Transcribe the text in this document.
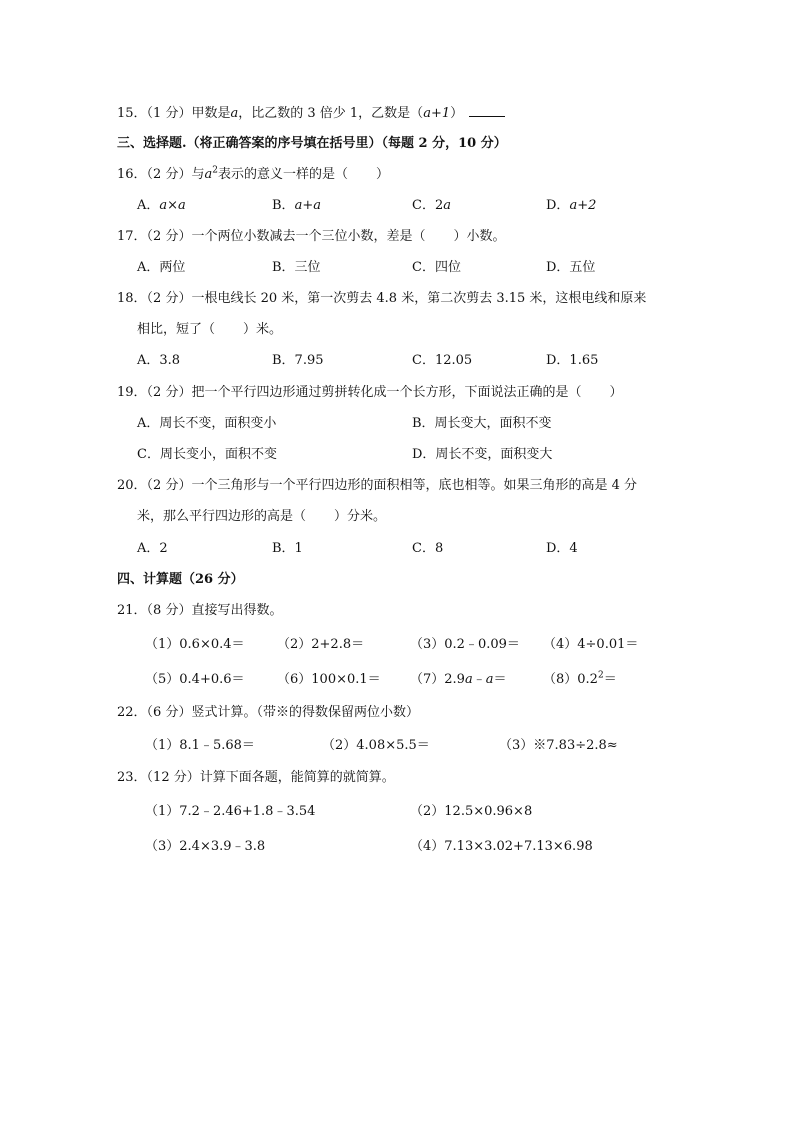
15．（1 分）甲数是a，比乙数的 3 倍少 1，乙数是（a+1）
三、选择题.（将正确答案的序号填在括号里）（每题 2 分，10 分）
16．（2 分）与$a^2$表示的意义一样的是（ ）
A．a×a	B．a+a	C．2a	D．a+2
17．（2 分）一个两位小数减去一个三位小数，差是（ ）小数。
A．两位	B．三位	C．四位	D．五位
18．（2 分）一根电线长 20 米，第一次剪去 4.8 米，第二次剪去 3.15 米，这根电线和原来
相比，短了（ ）米。
A．3.8	B．7.95	C．12.05	D．1.65
19．（2 分）把一个平行四边形通过剪拼转化成一个长方形，下面说法正确的是（ ）
A．周长不变，面积变小	B．周长变大，面积不变
C．周长变小，面积不变	D．周长不变，面积变大
20．（2 分）一个三角形与一个平行四边形的面积相等，底也相等。如果三角形的高是 4 分
米，那么平行四边形的高是（ ）分米。
A．2	B．1	C．8	D．4
四、计算题（26 分）
21．（8 分）直接写出得数。
（1）0.6×0.4＝ （2）2+2.8＝	（3）0.2﹣0.09＝ （4）4÷0.01＝
（5）0.4+0.6＝ （6）100×0.1＝ （7）2.9a﹣a＝	$(8)0.2^2=$
22．（6 分）竖式计算。（带※的得数保留两位小数）
（1）8.1﹣5.68＝	（2）4.08×5.5＝	（3）※7.83÷2.8≈
23．（12 分）计算下面各题，能简算的就简算。
（1）7.2﹣2.46+1.8﹣3.54	（2）12.5×0.96×8
（3）2.4×3.9﹣3.8	（4）7.13×3.02+7.13×6.98
